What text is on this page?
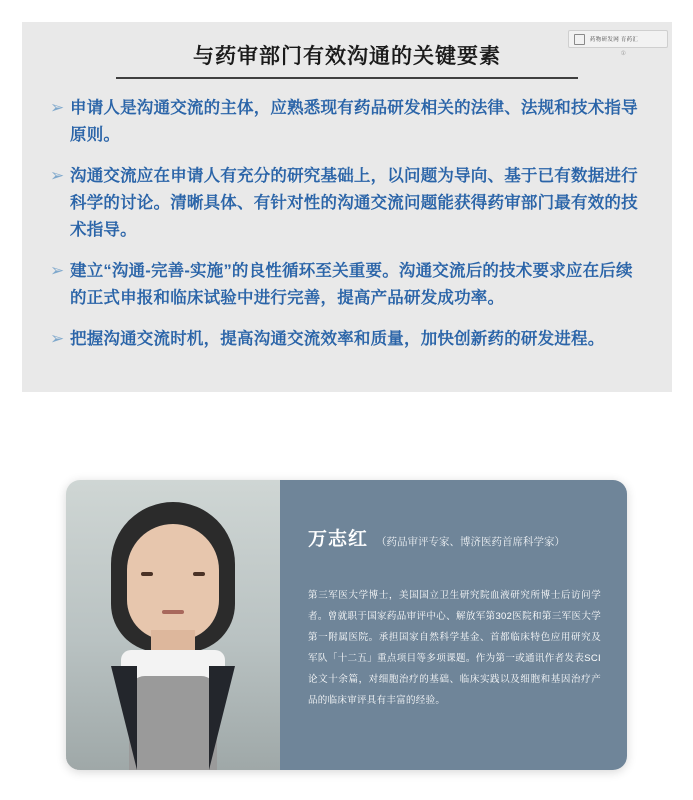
与药审部门有效沟通的关键要素
药物研发网 育药汇
①
➢ 申请人是沟通交流的主体，应熟悉现有药品研发相关的法律、法规和技术指导原则。
➢ 沟通交流应在申请人有充分的研究基础上，以问题为导向、基于已有数据进行科学的讨论。清晰具体、有针对性的沟通交流问题能获得药审部门最有效的技术指导。
➢ 建立“沟通-完善-实施”的良性循环至关重要。沟通交流后的技术要求应在后续的正式申报和临床试验中进行完善，提高产品研发成功率。
➢ 把握沟通交流时机，提高沟通交流效率和质量，加快创新药的研发进程。
万志红 （药品审评专家、博济医药首席科学家）
第三军医大学博士，美国国立卫生研究院血液研究所博士后访问学者。曾就职于国家药品审评中心、解放军第302医院和第三军医大学第一附属医院。承担国家自然科学基金、首都临床特色应用研究及军队「十二五」重点项目等多项课题。作为第一或通讯作者发表SCI论文十余篇，对细胞治疗的基础、临床实践以及细胞和基因治疗产品的临床审评具有丰富的经验。
